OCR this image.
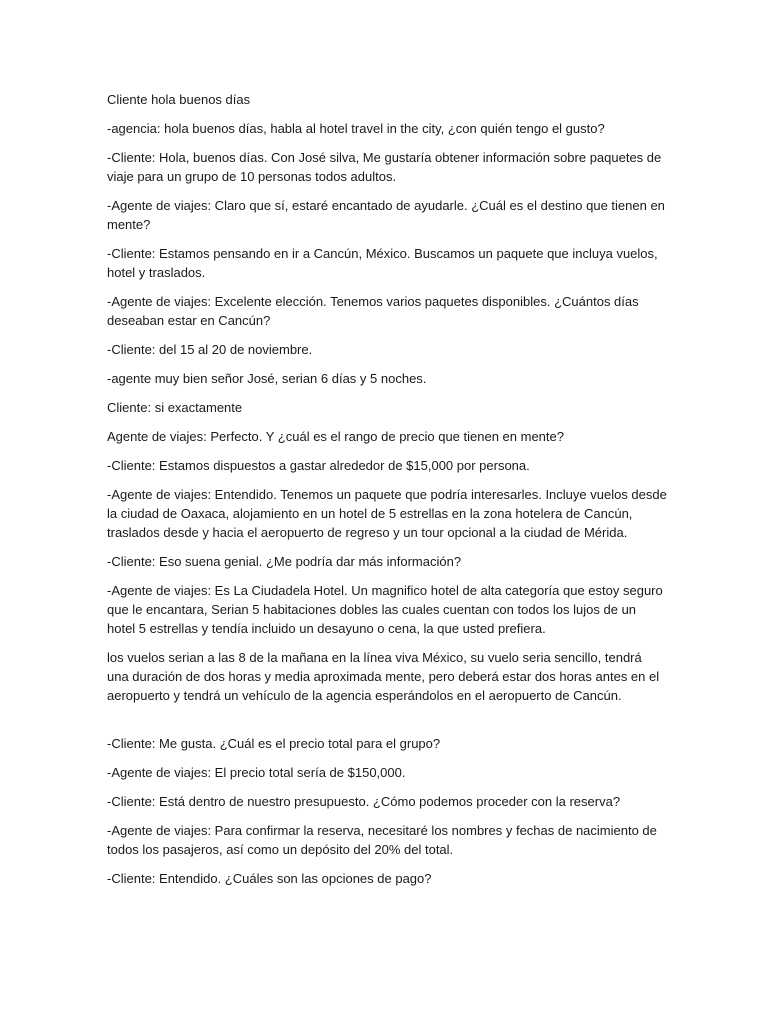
Cliente hola buenos días

-agencia: hola buenos días, habla al hotel travel in the city, ¿con quién tengo el gusto?

-Cliente: Hola, buenos días. Con José silva, Me gustaría obtener información sobre paquetes de viaje para un grupo de 10 personas todos adultos.

-Agente de viajes: Claro que sí, estaré encantado de ayudarle. ¿Cuál es el destino que tienen en mente?

-Cliente: Estamos pensando en ir a Cancún, México. Buscamos un paquete que incluya vuelos, hotel y traslados.

-Agente de viajes: Excelente elección. Tenemos varios paquetes disponibles. ¿Cuántos días deseaban estar en Cancún?

-Cliente: del 15 al 20 de noviembre.

-agente muy bien señor José, serian 6 días y 5 noches.

Cliente: si exactamente

Agente de viajes: Perfecto. Y ¿cuál es el rango de precio que tienen en mente?

-Cliente: Estamos dispuestos a gastar alrededor de $15,000 por persona.

-Agente de viajes: Entendido. Tenemos un paquete que podría interesarles. Incluye vuelos desde la ciudad de Oaxaca, alojamiento en un hotel de 5 estrellas en la zona hotelera de Cancún, traslados desde y hacia el aeropuerto de regreso y un tour opcional a la ciudad de Mérida.

-Cliente: Eso suena genial. ¿Me podría dar más información?

-Agente de viajes: Es La Ciudadela Hotel. Un magnifico hotel de alta categoría que estoy seguro que le encantara, Serian 5 habitaciones dobles las cuales cuentan con todos los lujos de un hotel 5 estrellas y tendía incluido un desayuno o cena, la que usted prefiera.

los vuelos serian a las 8 de la mañana en la línea viva México, su vuelo seria sencillo, tendrá una duración de dos horas y media aproximada mente, pero deberá estar dos horas antes en el aeropuerto y tendrá un vehículo de la agencia esperándolos en el aeropuerto de Cancún.

-Cliente: Me gusta. ¿Cuál es el precio total para el grupo?

-Agente de viajes: El precio total sería de $150,000.

-Cliente: Está dentro de nuestro presupuesto. ¿Cómo podemos proceder con la reserva?

-Agente de viajes: Para confirmar la reserva, necesitaré los nombres y fechas de nacimiento de todos los pasajeros, así como un depósito del 20% del total.

-Cliente: Entendido. ¿Cuáles son las opciones de pago?
